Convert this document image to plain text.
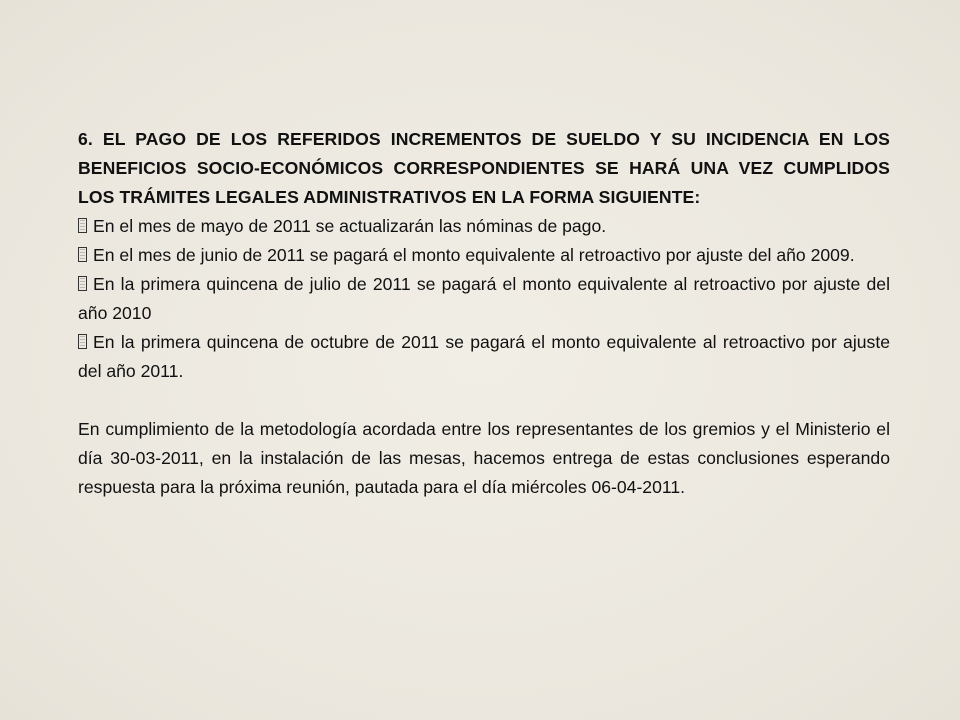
6. EL PAGO DE LOS REFERIDOS INCREMENTOS DE SUELDO Y SU INCIDENCIA EN LOS BENEFICIOS SOCIO-ECONÓMICOS CORRESPONDIENTES SE HARÁ UNA VEZ CUMPLIDOS LOS TRÁMITES LEGALES ADMINISTRATIVOS EN LA FORMA SIGUIENTE:

En el mes de mayo de 2011 se actualizarán las nóminas de pago.
En el mes de junio de 2011 se pagará el monto equivalente al retroactivo por ajuste del año 2009.
En la primera quincena de julio de 2011 se pagará el monto equivalente al retroactivo por ajuste del año 2010
En la primera quincena de octubre de 2011 se pagará el monto equivalente al retroactivo por ajuste del año 2011.

En cumplimiento de la metodología acordada entre los representantes de los gremios y el Ministerio el día 30-03-2011, en la instalación de las mesas, hacemos entrega de estas conclusiones esperando respuesta para la próxima reunión, pautada para el día miércoles 06-04-2011.
